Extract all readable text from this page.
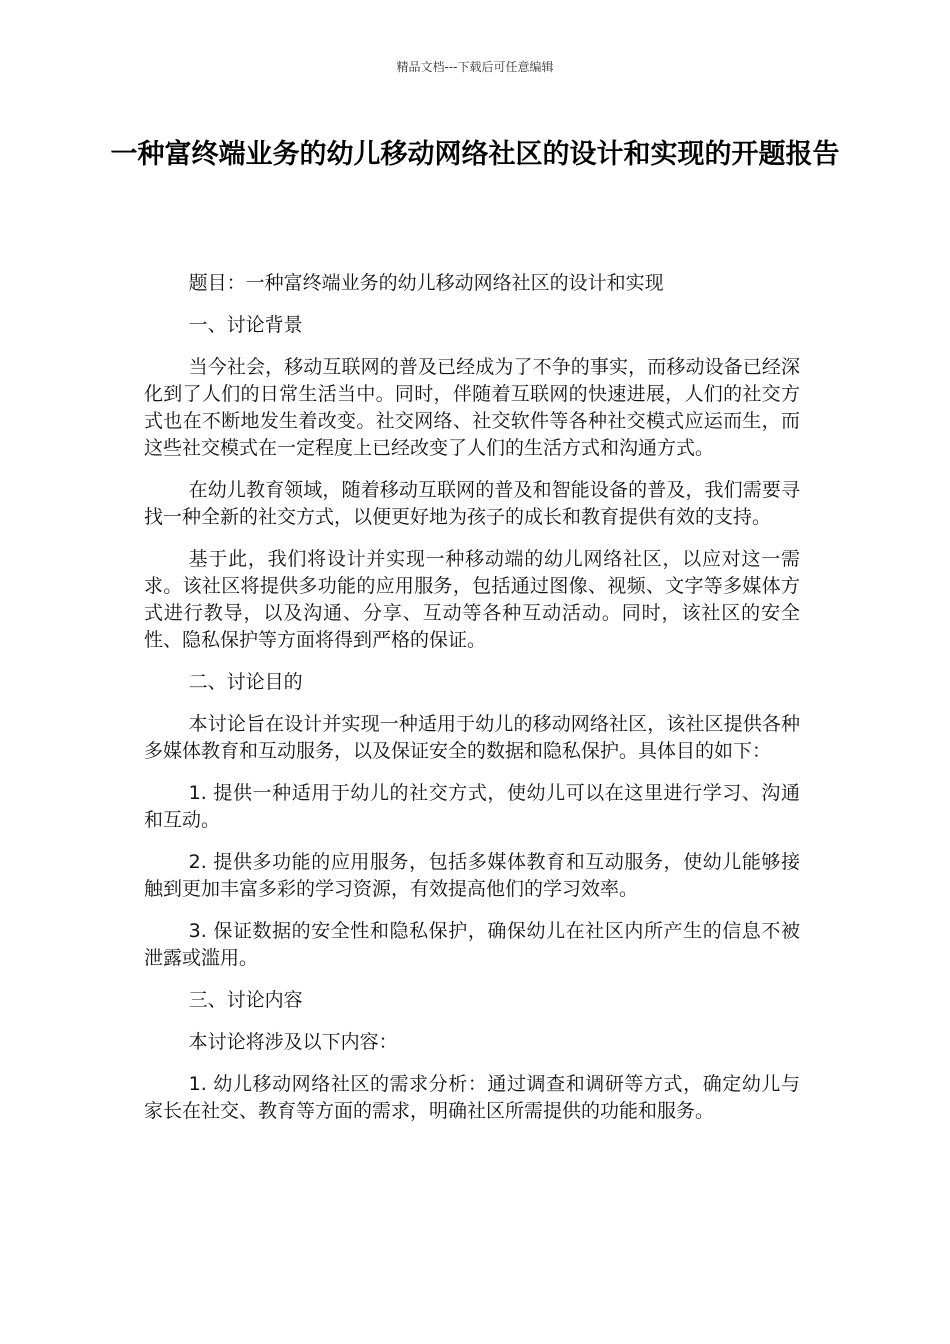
精品文档---下载后可任意编辑
一种富终端业务的幼儿移动网络社区的设计和实现的开题报告

题目：一种富终端业务的幼儿移动网络社区的设计和实现

一、讨论背景

当今社会，移动互联网的普及已经成为了不争的事实，而移动设备已经深化到了人们的日常生活当中。同时，伴随着互联网的快速进展，人们的社交方式也在不断地发生着改变。社交网络、社交软件等各种社交模式应运而生，而这些社交模式在一定程度上已经改变了人们的生活方式和沟通方式。

在幼儿教育领域，随着移动互联网的普及和智能设备的普及，我们需要寻找一种全新的社交方式，以便更好地为孩子的成长和教育提供有效的支持。

基于此，我们将设计并实现一种移动端的幼儿网络社区，以应对这一需求。该社区将提供多功能的应用服务，包括通过图像、视频、文字等多媒体方式进行教导，以及沟通、分享、互动等各种互动活动。同时，该社区的安全性、隐私保护等方面将得到严格的保证。

二、讨论目的

本讨论旨在设计并实现一种适用于幼儿的移动网络社区，该社区提供各种多媒体教育和互动服务，以及保证安全的数据和隐私保护。具体目的如下：

1. 提供一种适用于幼儿的社交方式，使幼儿可以在这里进行学习、沟通和互动。

2. 提供多功能的应用服务，包括多媒体教育和互动服务，使幼儿能够接触到更加丰富多彩的学习资源，有效提高他们的学习效率。

3. 保证数据的安全性和隐私保护，确保幼儿在社区内所产生的信息不被泄露或滥用。

三、讨论内容

本讨论将涉及以下内容：

1. 幼儿移动网络社区的需求分析：通过调查和调研等方式，确定幼儿与家长在社交、教育等方面的需求，明确社区所需提供的功能和服务。
